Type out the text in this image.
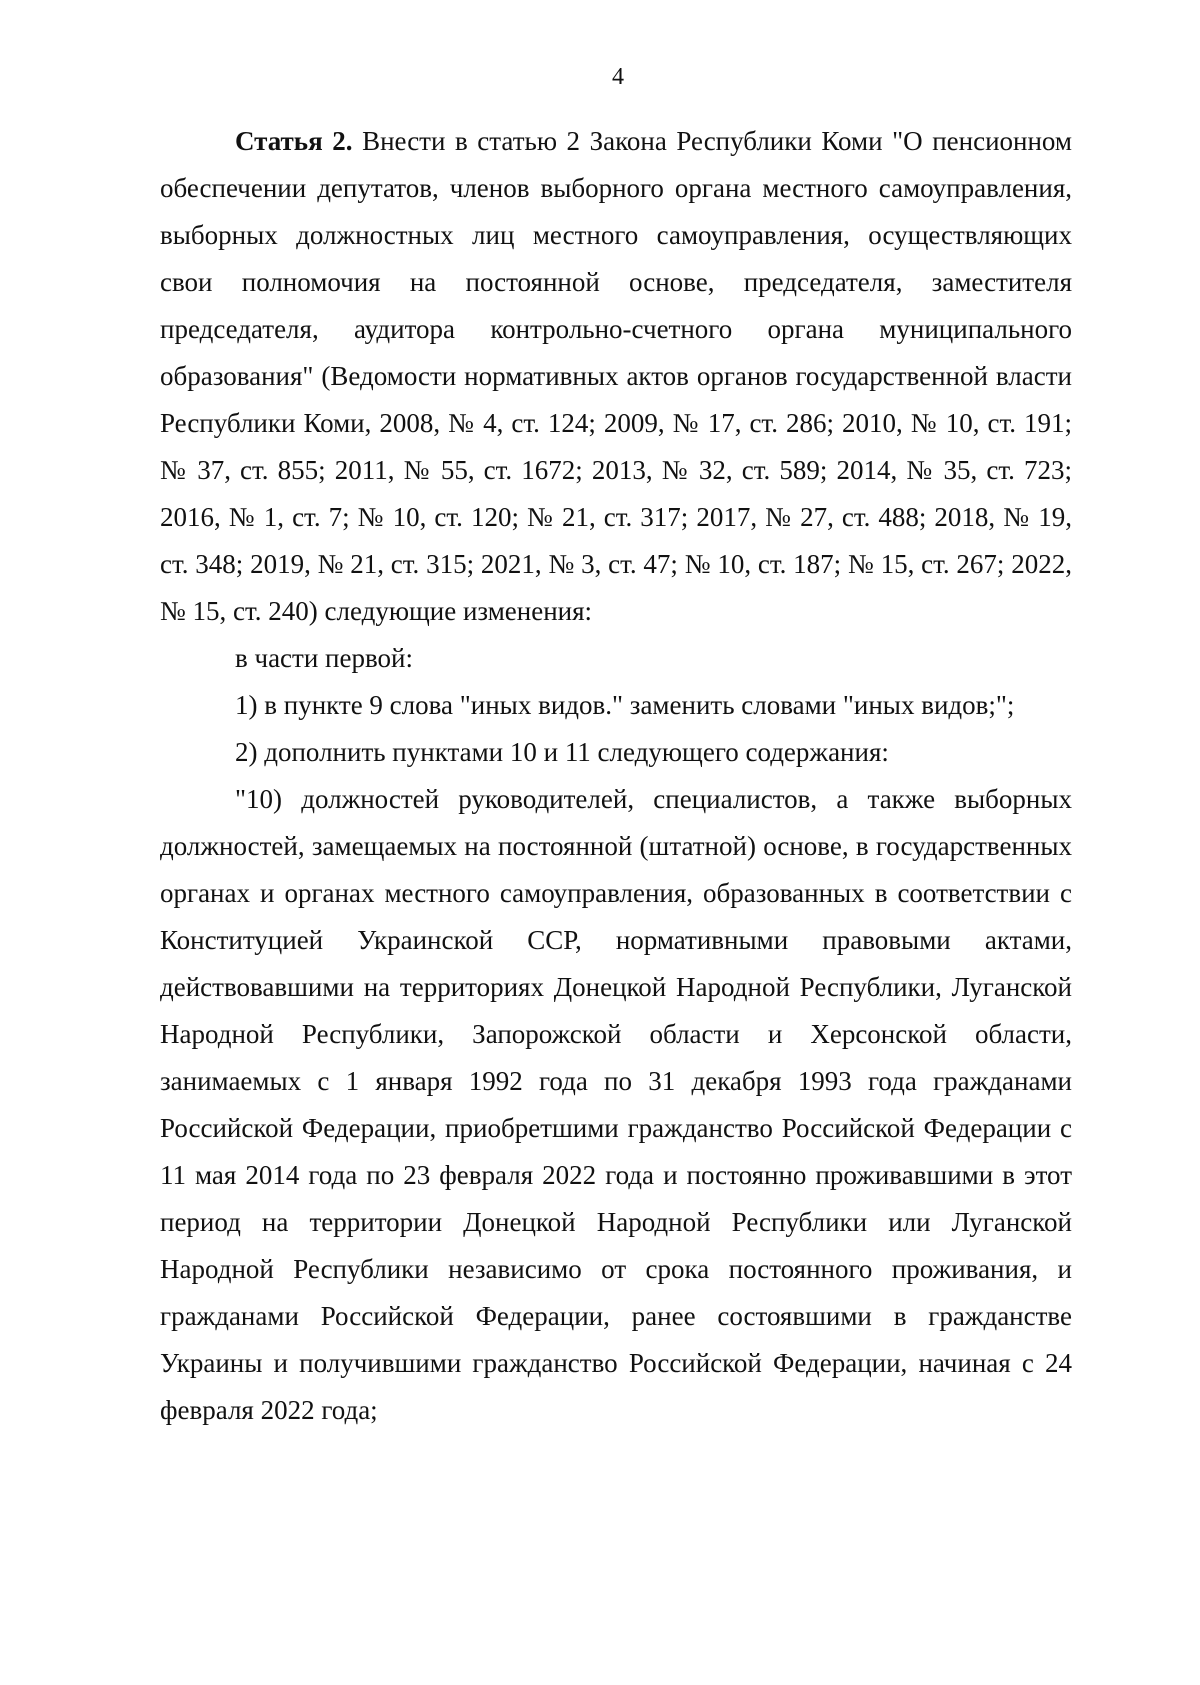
4

Статья 2. Внести в статью 2 Закона Республики Коми "О пенсионном обеспечении депутатов, членов выборного органа местного самоуправления, выборных должностных лиц местного самоуправления, осуществляющих свои полномочия на постоянной основе, председателя, заместителя председателя, аудитора контрольно-счетного органа муниципального образования" (Ведомости нормативных актов органов государственной власти Республики Коми, 2008, № 4, ст. 124; 2009, № 17, ст. 286; 2010, № 10, ст. 191; № 37, ст. 855; 2011, № 55, ст. 1672; 2013, № 32, ст. 589; 2014, № 35, ст. 723; 2016, № 1, ст. 7; № 10, ст. 120; № 21, ст. 317; 2017, № 27, ст. 488; 2018, № 19, ст. 348; 2019, № 21, ст. 315; 2021, № 3, ст. 47; № 10, ст. 187; № 15, ст. 267; 2022, № 15, ст. 240) следующие изменения:

в части первой:

1) в пункте 9 слова "иных видов." заменить словами "иных видов;";

2) дополнить пунктами 10 и 11 следующего содержания:

"10) должностей руководителей, специалистов, а также выборных должностей, замещаемых на постоянной (штатной) основе, в государственных органах и органах местного самоуправления, образованных в соответствии с Конституцией Украинской ССР, нормативными правовыми актами, действовавшими на территориях Донецкой Народной Республики, Луганской Народной Республики, Запорожской области и Херсонской области, занимаемых с 1 января 1992 года по 31 декабря 1993 года гражданами Российской Федерации, приобретшими гражданство Российской Федерации с 11 мая 2014 года по 23 февраля 2022 года и постоянно проживавшими в этот период на территории Донецкой Народной Республики или Луганской Народной Республики независимо от срока постоянного проживания, и гражданами Российской Федерации, ранее состоявшими в гражданстве Украины и получившими гражданство Российской Федерации, начиная с 24 февраля 2022 года;
